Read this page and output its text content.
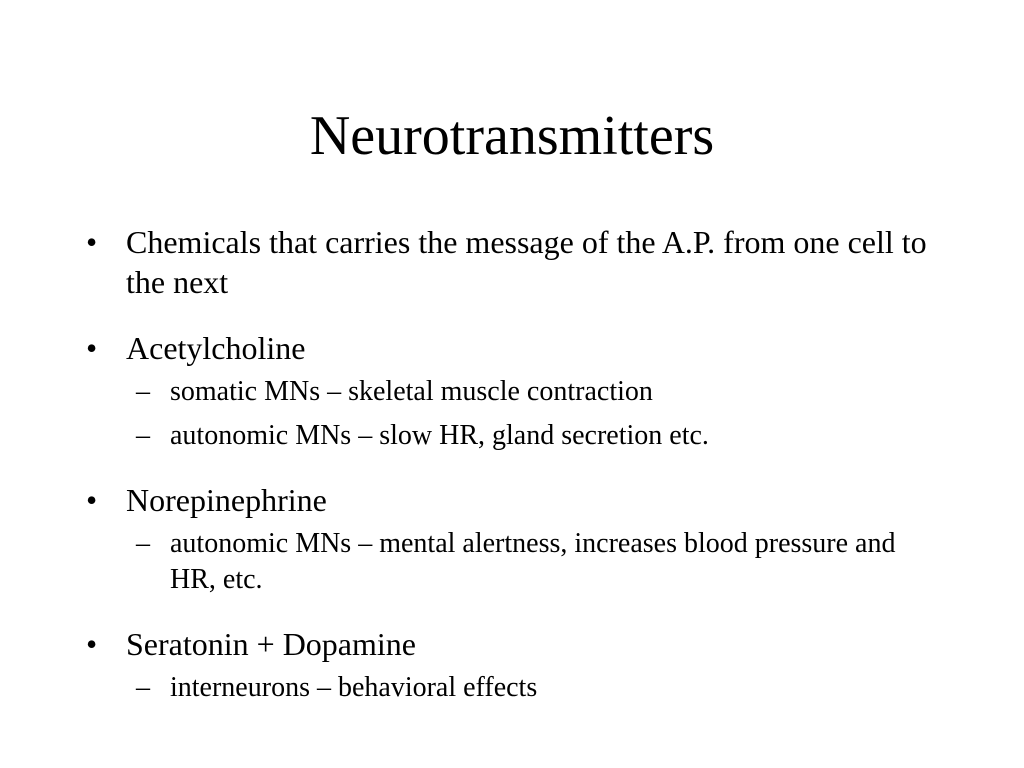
Neurotransmitters
• Chemicals that carries the message of the A.P. from one cell to the next
• Acetylcholine
– somatic MNs – skeletal muscle contraction
– autonomic MNs – slow HR, gland secretion etc.
• Norepinephrine
– autonomic MNs – mental alertness, increases blood pressure and HR, etc.
• Seratonin + Dopamine
– interneurons – behavioral effects
